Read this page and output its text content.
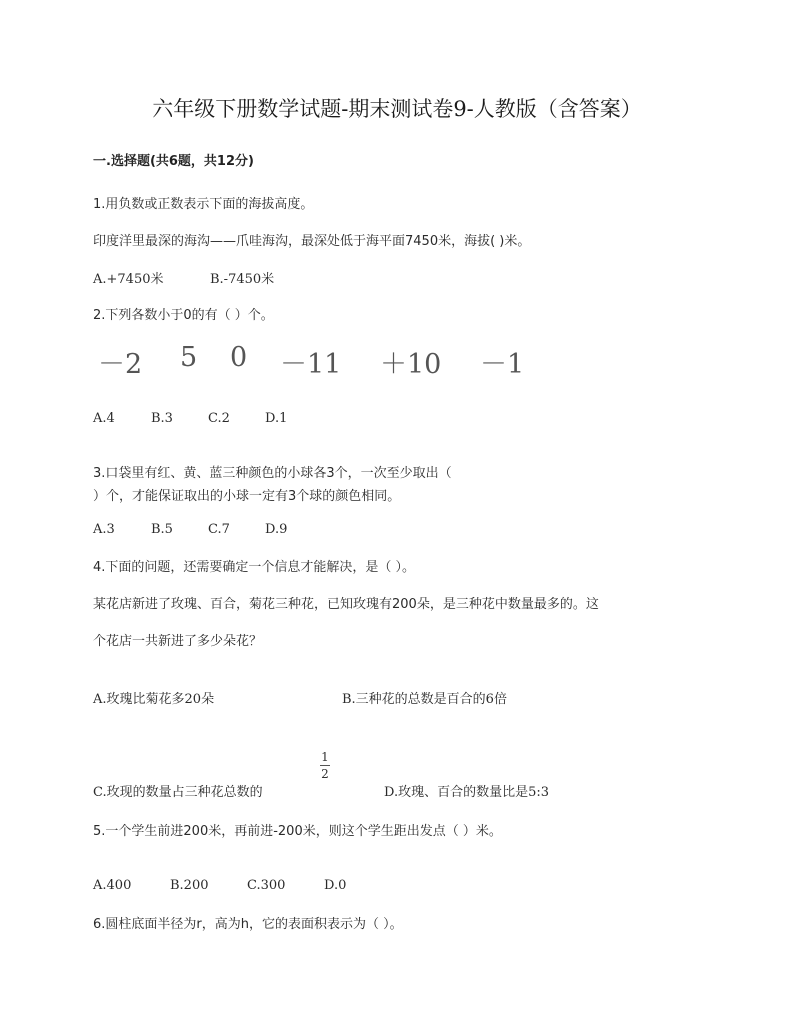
六年级下册数学试题-期末测试卷9-人教版（含答案）
一.选择题(共6题，共12分)
1.用负数或正数表示下面的海拔高度。
印度洋里最深的海沟——爪哇海沟，最深处低于海平面7450米，海拔( )米。
A.+7450米	B.-7450米
2.下列各数小于0的有（ ）个。
－2 5 0 －11 ＋10 －1
A.4	B.3	C.2	D.1
3.口袋里有红、黄、蓝三种颜色的小球各3个，一次至少取出（
）个，才能保证取出的小球一定有3个球的颜色相同。
A.3	B.5	C.7	D.9
4.下面的问题，还需要确定一个信息才能解决，是（ ）。
某花店新进了玫瑰、百合，菊花三种花，已知玫瑰有200朵，是三种花中数量最多的。这
个花店一共新进了多少朵花？
A.玫瑰比菊花多20朵	B.三种花的总数是百合的6倍
1
2
C.玫现的数量占三种花总数的	D.玫瑰、百合的数量比是5:3
5.一个学生前进200米，再前进-200米，则这个学生距出发点（ ）米。
A.400	B.200	C.300	D.0
6.圆柱底面半径为r，高为h，它的表面积表示为（ ）。
